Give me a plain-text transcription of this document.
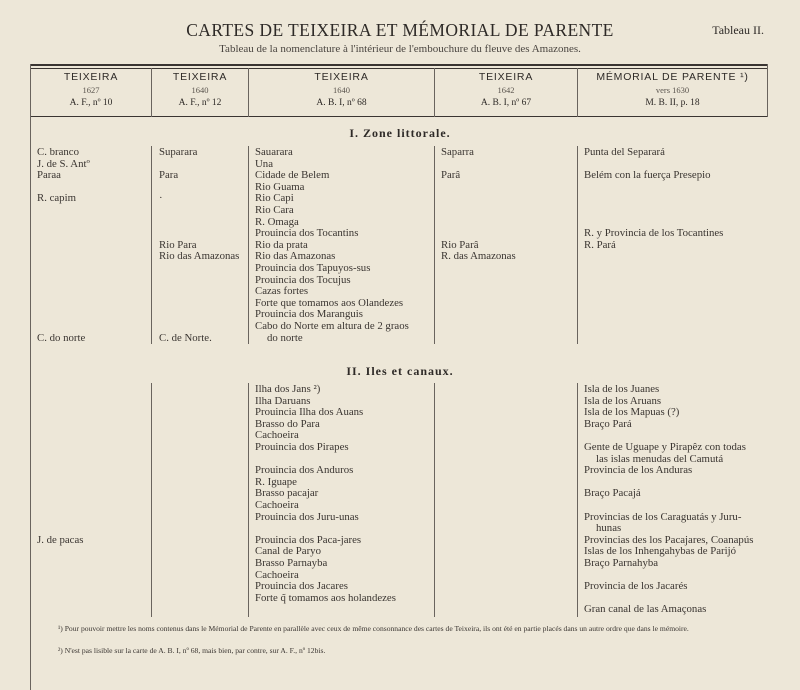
CARTES DE TEIXEIRA ET MÉMORIAL DE PARENTE	Tableau II.
Tableau de la nomenclature à l'intérieur de l'embouchure du fleuve des Amazones.
TEIXEIRA
1627
A. F., nº 10
TEIXEIRA
1640
A. F., nº 12
TEIXEIRA
1640
A. B. I, nº 68
TEIXEIRA
1642
A. B. I, nº 67
MÉMORIAL DE PARENTE ¹)
vers 1630
M. B. II, p. 18
I. Zone littorale.
II. Iles et canaux.
C. branco
J. de S. Antº
Paraa
R. capim
C. do norte
Suparara
Para
·
Rio Para
Rio das Amazonas
C. de Norte.
Sauarara
Una
Cidade de Belem
Rio Guama
Rio Capi
Rio Cara
R. Omaga
Prouincia dos Tocantins
Rio da prata
Rio das Amazonas
Prouincia dos Tapuyos-sus
Prouincia dos Tocujus
Cazas fortes
Forte que tomamos aos Olandezes
Prouincia dos Maranguis
Cabo do Norte em altura de 2 graos
do norte
Saparra
Parâ
Rio Parâ
R. das Amazonas
Punta del Separará
Belém con la fuerça Presepio
R. y Provincia de los Tocantines
R. Pará
J. de pacas
Ilha dos Jans ²)
Ilha Daruans
Prouincia Ilha dos Auans
Brasso do Para
Cachoeira
Prouincia dos Pirapes
Prouincia dos Anduros
R. Iguape
Brasso pacajar
Cachoeira
Prouincia dos Juru-unas
Prouincia dos Paca-jares
Canal de Paryo
Brasso Parnayba
Cachoeira
Prouincia dos Jacares
Forte q̃ tomamos aos holandezes
Isla de los Juanes
Isla de los Aruans
Isla de los Mapuas (?)
Braço Pará
Gente de Uguape y Pirapêz con todas
las islas menudas del Camutá
Provincia de los Anduras
Braço Pacajá
Provincias de los Caraguatás y Juru-
hunas
Provincias des los Pacajares, Coanapús
Islas de los Inhengahybas de Parijó
Braço Parnahyba
Provincia de los Jacarés
Gran canal de las Amaçonas
¹) Pour pouvoir mettre les noms contenus dans le Mémorial de Parente en parallèle avec ceux de même consonnance des cartes de Teixeira, ils ont été en partie placés dans un autre ordre que dans le mémoire.
²) N'est pas lisible sur la carte de A. B. I, nº 68, mais bien, par contre, sur A. F., nº 12bis.
